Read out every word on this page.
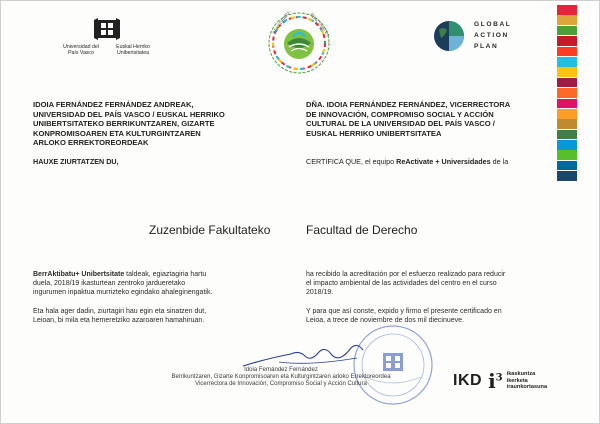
Universidad del País Vasco
Euskal Herriko Unibertsitatea
REACTIBATU+	REACTÍVATE+	GLOBAL
ACTION
PLAN
IDOIA FERNÁNDEZ FERNÁNDEZ ANDREAK,
UNIVERSIDAD DEL PAÍS VASCO / EUSKAL HERRIKO
UNIBERTSITATEKO BERRIKUNTZAREN, GIZARTE
KONPROMISOAREN ETA KULTURGINTZAREN
ARLOKO ERREKTOREORDEAK
DÑA. IDOIA FERNÁNDEZ FERNÁNDEZ, VICERRECTORA
DE INNOVACIÓN, COMPROMISO SOCIAL Y ACCIÓN
CULTURAL DE LA UNIVERSIDAD DEL PAÍS VASCO /
EUSKAL HERRIKO UNIBERTSITATEA
HAUXE ZIURTATZEN DU,	CERTIFICA QUE, el equipo ReActivate + Universidades de la
Zuzenbide Fakultateko	Facultad de Derecho
BerrAktibatu+ Unibertsitate taldeak, egiaztagiria hartu
duela, 2018/19 ikasturtean zentroko jardueretako
ingurumen inpaktua murrizteko egindako ahaleginengatik.
ha recibido la acreditación por el esfuerzo realizado para reducir
el impacto ambiental de las actividades del centro en el curso
2018/19.
Eta hala ager dadin, ziurtagiri hau egin eta sinatzen dut,
Leioan, bi mila eta hemeretziko azaroaren hamahiruan.
Y para que así conste, expido y firmo el presente certificado en
Leioa, a trece de noviembre de dos mil diecinueve.
Idoia Fernández Fernández
Berrikuntzaren, Gizarte Konpromisoaren eta Kulturgintzaren arloko Errektoreordea
Vicerrectora de Innovación, Compromiso Social y Acción Cultura	IKD $i^3$ ikaskuntza
ikerketa
iraunkortasuna
